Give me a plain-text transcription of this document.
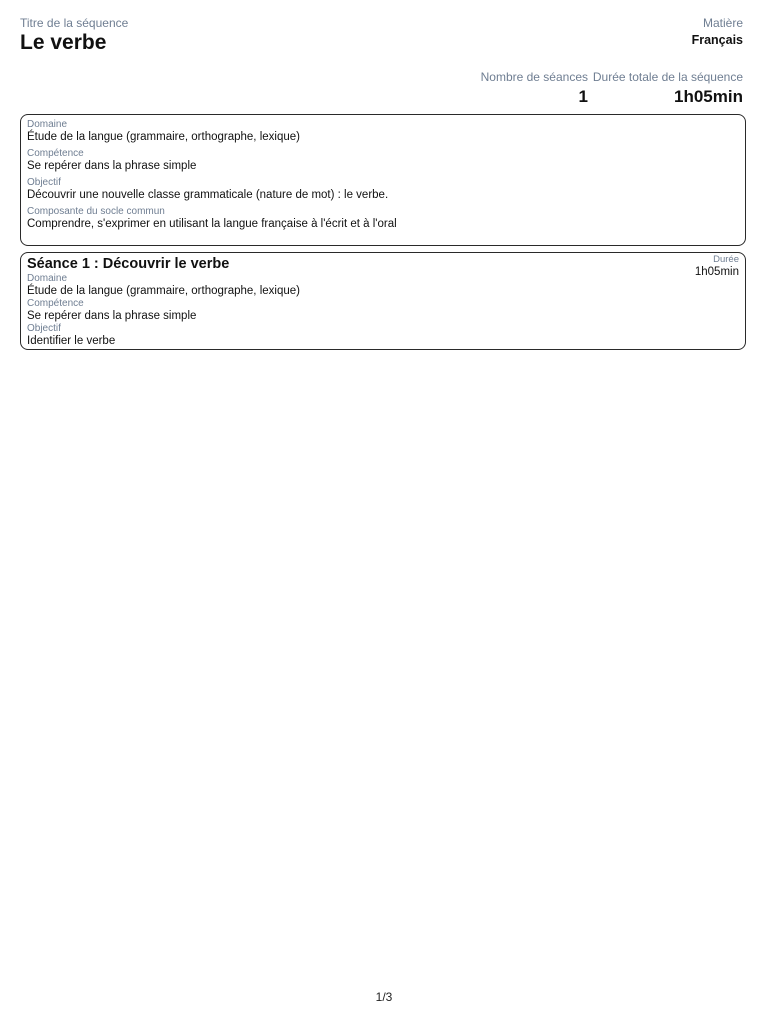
Titre de la séquence
Le verbe
Matière
Français
Nombre de séances
1
Durée totale de la séquence
1h05min
Domaine
Étude de la langue (grammaire, orthographe, lexique)
Compétence
Se repérer dans la phrase simple
Objectif
Découvrir une nouvelle classe grammaticale (nature de mot) : le verbe.
Composante du socle commun
Comprendre, s'exprimer en utilisant la langue française à l'écrit et à l'oral
Séance 1 : Découvrir le verbe	Durée
1h05min
Domaine
Étude de la langue (grammaire, orthographe, lexique)
Compétence
Se repérer dans la phrase simple
Objectif
Identifier le verbe
1/3
